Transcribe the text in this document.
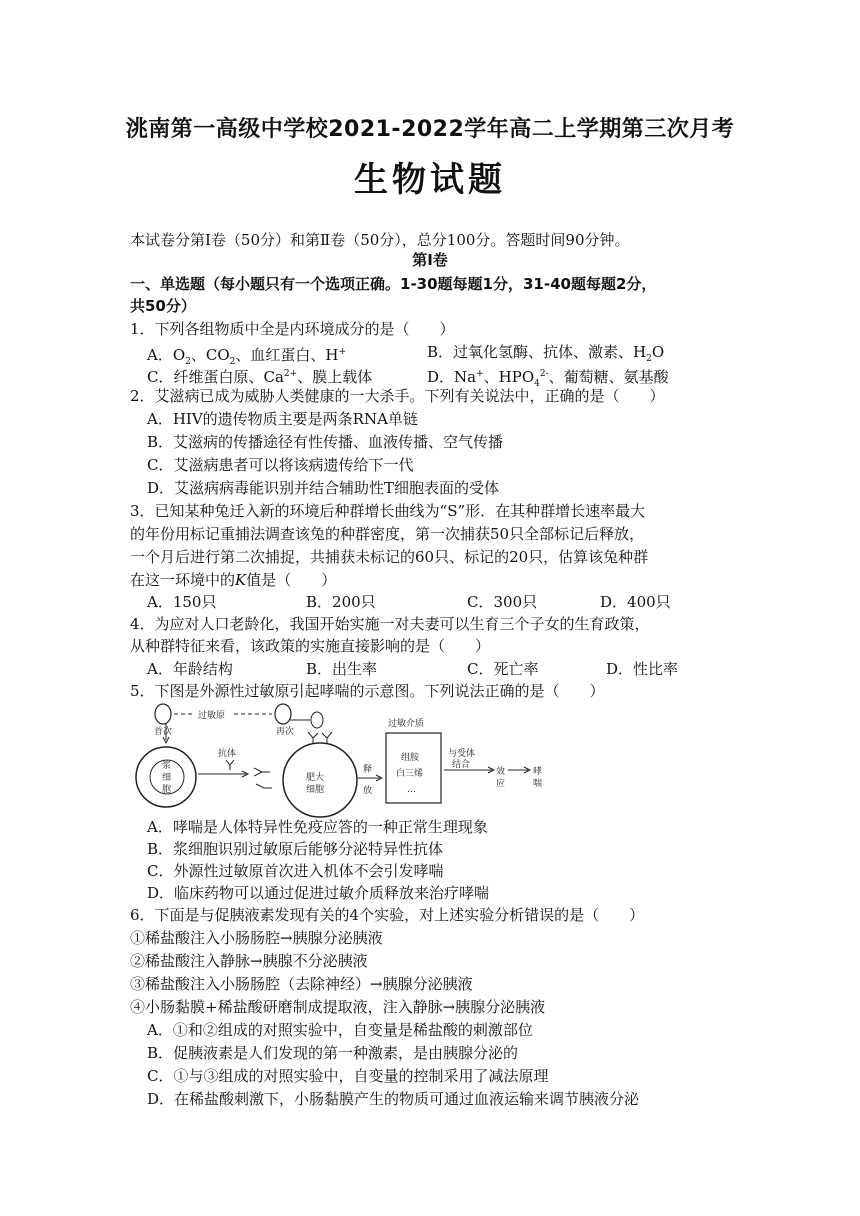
洮南第一高级中学校2021-2022学年高二上学期第三次月考
生物试题
本试卷分第Ⅰ卷（50分）和第Ⅱ卷（50分），总分100分。答题时间90分钟。
第Ⅰ卷
一、单选题（每小题只有一个选项正确。1-30题每题1分，31-40题每题2分，
共50分）
1．下列各组物质中全是内环境成分的是（　　）
A．$O_2$、$CO_2$、血红蛋白、H+	B．过氧化氢酶、抗体、激素、$H_2O$
C．纤维蛋白原、$Ca^{2+}$、膜上载体	D．Na+、$HPO_4^{2-}$、葡萄糖、氨基酸
2．艾滋病已成为威胁人类健康的一大杀手。下列有关说法中，正确的是（　　）
A．HIV的遗传物质主要是两条RNA单链
B．艾滋病的传播途径有性传播、血液传播、空气传播
C．艾滋病患者可以将该病遗传给下一代
D．艾滋病病毒能识别并结合辅助性T细胞表面的受体
3．已知某种兔迁入新的环境后种群增长曲线为“S”形．在其种群增长速率最大
的年份用标记重捕法调查该兔的种群密度，第一次捕获50只全部标记后释放，
一个月后进行第二次捕捉，共捕获未标记的60只、标记的20只，估算该兔种群
在这一环境中的K值是（　　）
A．150只	B．200只	C．300只	D．400只
4．为应对人口老龄化，我国开始实施一对夫妻可以生育三个子女的生育政策，
从种群特征来看，该政策的实施直接影响的是（　　）
A．年龄结构	B．出生率	C．死亡率	D．性比率
5．下图是外源性过敏原引起哮喘的示意图。下列说法正确的是（　　）
首次
过敏原
再次
浆
细
胞
抗体
肥大
细胞
释
放
过敏介质
组胺
白三烯
…
与受体
结合
效
应
哮
喘
A．哮喘是人体特异性免疫应答的一种正常生理现象
B．浆细胞识别过敏原后能够分泌特异性抗体
C．外源性过敏原首次进入机体不会引发哮喘
D．临床药物可以通过促进过敏介质释放来治疗哮喘
6．下面是与促胰液素发现有关的4个实验，对上述实验分析错误的是（　　）
①稀盐酸注入小肠肠腔→胰腺分泌胰液
②稀盐酸注入静脉→胰腺不分泌胰液
③稀盐酸注入小肠肠腔（去除神经）→胰腺分泌胰液
④小肠黏膜+稀盐酸研磨制成提取液，注入静脉→胰腺分泌胰液
A．①和②组成的对照实验中，自变量是稀盐酸的刺激部位
B．促胰液素是人们发现的第一种激素，是由胰腺分泌的
C．①与③组成的对照实验中，自变量的控制采用了减法原理
D．在稀盐酸刺激下，小肠黏膜产生的物质可通过血液运输来调节胰液分泌
